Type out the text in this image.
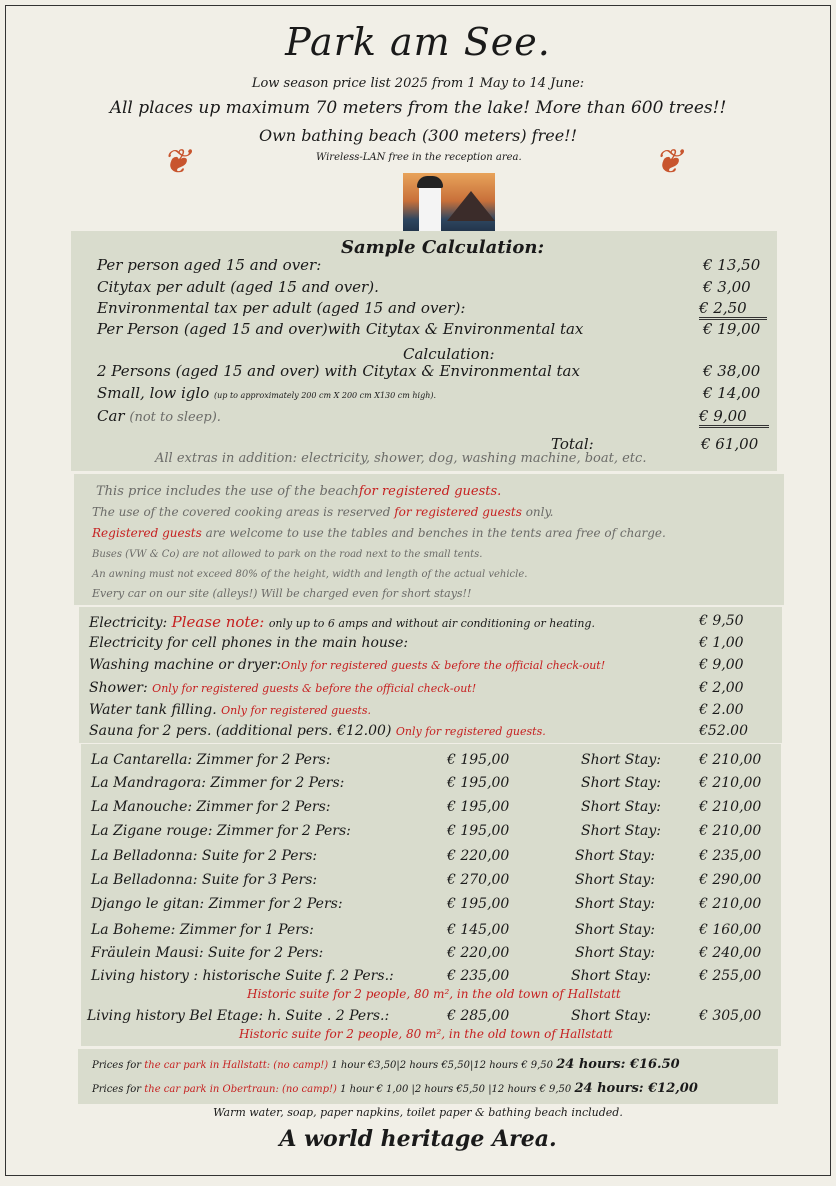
Park am See.
Low season price list 2025 from 1 May to 14 June:
All places up maximum 70 meters from the lake! More than 600 trees!!
Own bathing beach (300 meters) free!!
Wireless-LAN free in the reception area.
❦	❦
Sample Calculation:
Per person aged 15 and over:	€ 13,50
Citytax per adult (aged 15 and over).	€ 3,00
Environmental tax per adult (aged 15 and over):	€ 2,50
Per Person (aged 15 and over)with Citytax & Environmental tax	€ 19,00
Calculation:
2 Persons (aged 15 and over) with Citytax & Environmental tax	€ 38,00
Small, low iglo (up to approximately 200 cm X 200 cm X130 cm high).	€ 14,00
Car (not to sleep).	€ 9,00
Total:	€ 61,00
All extras in addition: electricity, shower, dog, washing machine, boat, etc.
This price includes the use of the beachfor registered guests.
The use of the covered cooking areas is reserved for registered guests only.
Registered guests are welcome to use the tables and benches in the tents area free of charge.
Buses (VW & Co) are not allowed to park on the road next to the small tents.
An awning must not exceed 80% of the height, width and length of the actual vehicle.
Every car on our site (alleys!) Will be charged even for short stays!!
Electricity: Please note: only up to 6 amps and without air conditioning or heating.	€ 9,50
Electricity for cell phones in the main house:	€ 1,00
Washing machine or dryer:Only for registered guests & before the official check-out!	€ 9,00
Shower: Only for registered guests & before the official check-out!	€ 2,00
Water tank filling. Only for registered guests.	€ 2.00
Sauna for 2 pers. (additional pers. €12.00) Only for registered guests.	€52.00
La Cantarella: Zimmer for 2 Pers:	€ 195,00	Short Stay:	€ 210,00
La Mandragora: Zimmer for 2 Pers:	€ 195,00	Short Stay:	€ 210,00
La Manouche: Zimmer for 2 Pers:	€ 195,00	Short Stay:	€ 210,00
La Zigane rouge: Zimmer for 2 Pers:	€ 195,00	Short Stay:	€ 210,00
La Belladonna: Suite for 2 Pers:	€ 220,00	Short Stay:	€ 235,00
La Belladonna: Suite for 3 Pers:	€ 270,00	Short Stay:	€ 290,00
Django le gitan: Zimmer for 2 Pers:	€ 195,00	Short Stay:	€ 210,00
La Boheme: Zimmer for 1 Pers:	€ 145,00	Short Stay:	€ 160,00
Fräulein Mausi: Suite for 2 Pers:	€ 220,00	Short Stay:	€ 240,00
Living history : historische Suite f. 2 Pers.:	€ 235,00	Short Stay:	€ 255,00
Historic suite for 2 people, 80 m², in the old town of Hallstatt
Living history Bel Etage: h. Suite . 2 Pers.:	€ 285,00	Short Stay:	€ 305,00
Historic suite for 2 people, 80 m², in the old town of Hallstatt
Prices for the car park in Hallstatt: (no camp!) 1 hour €3,50|2 hours €5,50|12 hours € 9,50 24 hours: €16.50
Prices for the car park in Obertraun: (no camp!) 1 hour € 1,00 |2 hours €5,50 |12 hours € 9,50 24 hours: €12,00
Warm water, soap, paper napkins, toilet paper & bathing beach included.
A world heritage Area.
